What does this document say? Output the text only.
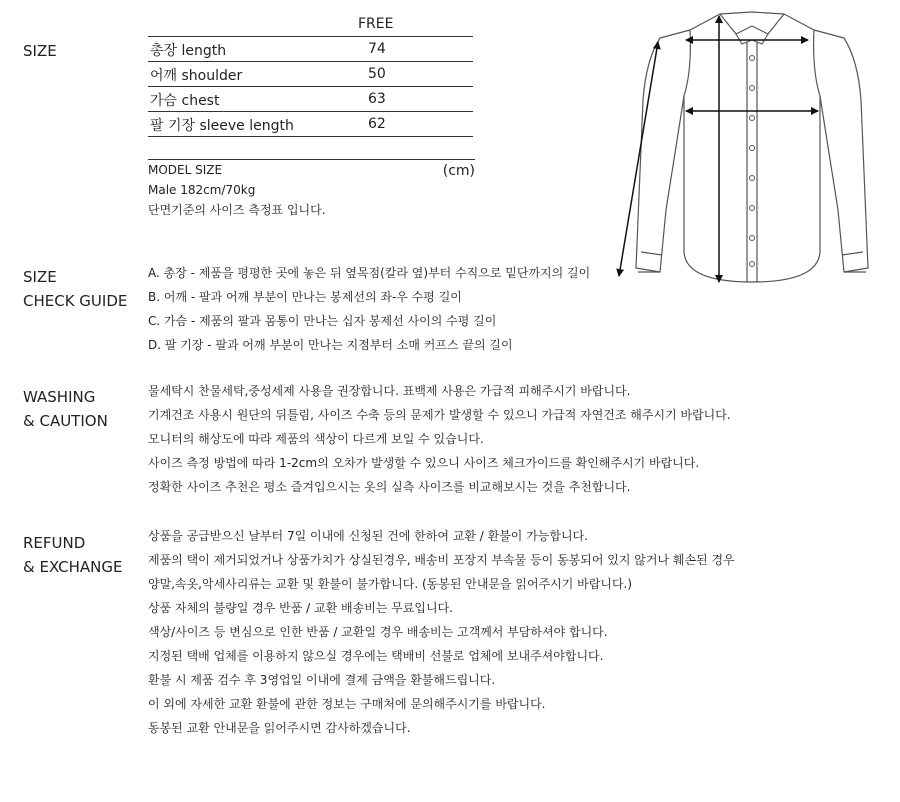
SIZE
SIZE
CHECK GUIDE
WASHING
& CAUTION
REFUND
& EXCHANGE
FREE
총장 length	74
어깨 shoulder	50
가슴 chest	63
팔 기장 sleeve length	62
MODEL SIZE	(cm)
Male 182cm/70kg
단면기준의 사이즈 측정표 입니다.
A. 총장 - 제품을 평평한 곳에 놓은 뒤 옆목점(칼라 옆)부터 수직으로 밑단까지의 길이
B. 어깨 - 팔과 어깨 부분이 만나는 봉제선의 좌-우 수평 길이
C. 가슴 - 제품의 팔과 몸통이 만나는 십자 봉제선 사이의 수평 길이
D. 팔 기장 - 팔과 어깨 부분이 만나는 지점부터 소매 커프스 끝의 길이
물세탁시 찬물세탁,중성세제 사용을 권장합니다. 표백제 사용은 가급적 피해주시기 바랍니다.
기계건조 사용시 원단의 뒤틀림, 사이즈 수축 등의 문제가 발생할 수 있으니 가급적 자연건조 해주시기 바랍니다.
모니터의 해상도에 따라 제품의 색상이 다르게 보일 수 있습니다.
사이즈 측정 방법에 따라 1-2cm의 오차가 발생할 수 있으니 사이즈 체크가이드를 확인해주시기 바랍니다.
정확한 사이즈 추천은 평소 즐겨입으시는 옷의 실측 사이즈를 비교해보시는 것을 추천합니다.
상품을 공급받으신 날부터 7일 이내에 신청된 건에 한하여 교환 / 환불이 가능합니다.
제품의 택이 제거되었거나 상품가치가 상실된경우, 배송비 포장지 부속물 등이 동봉되어 있지 않거나 훼손된 경우
양말,속옷,악세사리류는 교환 및 환불이 불가합니다. (동봉된 안내문을 읽어주시기 바랍니다.)
상품 자체의 불량일 경우 반품 / 교환 배송비는 무료입니다.
색상/사이즈 등 변심으로 인한 반품 / 교환일 경우 배송비는 고객께서 부담하셔야 합니다.
지정된 택배 업체를 이용하지 않으실 경우에는 택배비 선불로 업체에 보내주셔야합니다.
환불 시 제품 검수 후 3영업일 이내에 결제 금액을 환불해드립니다.
이 외에 자세한 교환 환불에 관한 정보는 구매처에 문의해주시기를 바랍니다.
동봉된 교환 안내문을 읽어주시면 감사하겠습니다.
